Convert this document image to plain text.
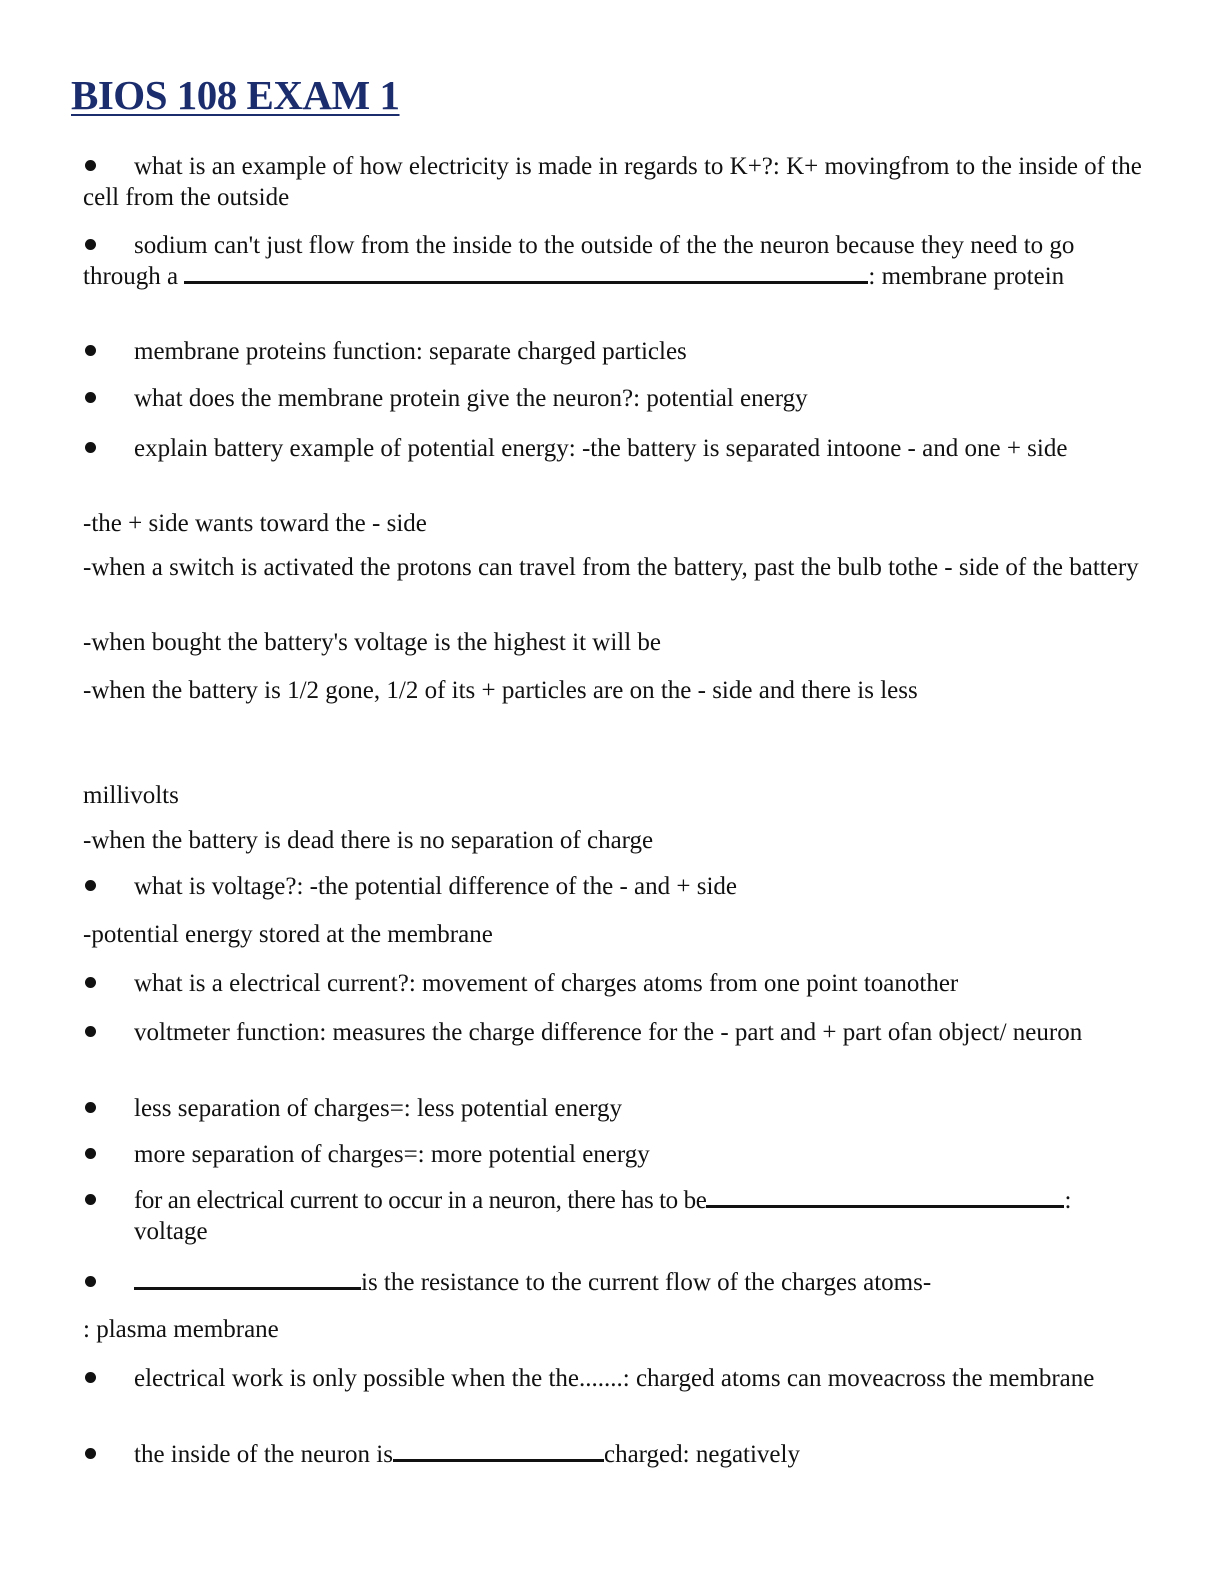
BIOS 108 EXAM 1
what is an example of how electricity is made in regards to K+?: K+ movingfrom to the inside of the cell from the outside
sodium can't just flow from the inside to the outside of the the neuron because they need to go through a	: membrane protein
membrane proteins function: separate charged particles
what does the membrane protein give the neuron?: potential energy
explain battery example of potential energy: -the battery is separated intoone - and one + side
-the + side wants toward the - side
-when a switch is activated the protons can travel from the battery, past the bulb tothe - side of the battery
-when bought the battery's voltage is the highest it will be
-when the battery is 1/2 gone, 1/2 of its + particles are on the - side and there is less
millivolts
-when the battery is dead there is no separation of charge
what is voltage?: -the potential difference of the - and + side
-potential energy stored at the membrane
what is a electrical current?: movement of charges atoms from one point toanother
voltmeter function: measures the charge difference for the - part and + part ofan object/ neuron
less separation of charges=: less potential energy
more separation of charges=: more potential energy
for an electrical current to occur in a neuron, there has to be	:
voltage
is the resistance to the current flow of the charges atoms-
: plasma membrane
electrical work is only possible when the the.......: charged atoms can moveacross the membrane
the inside of the neuron is	charged: negatively
